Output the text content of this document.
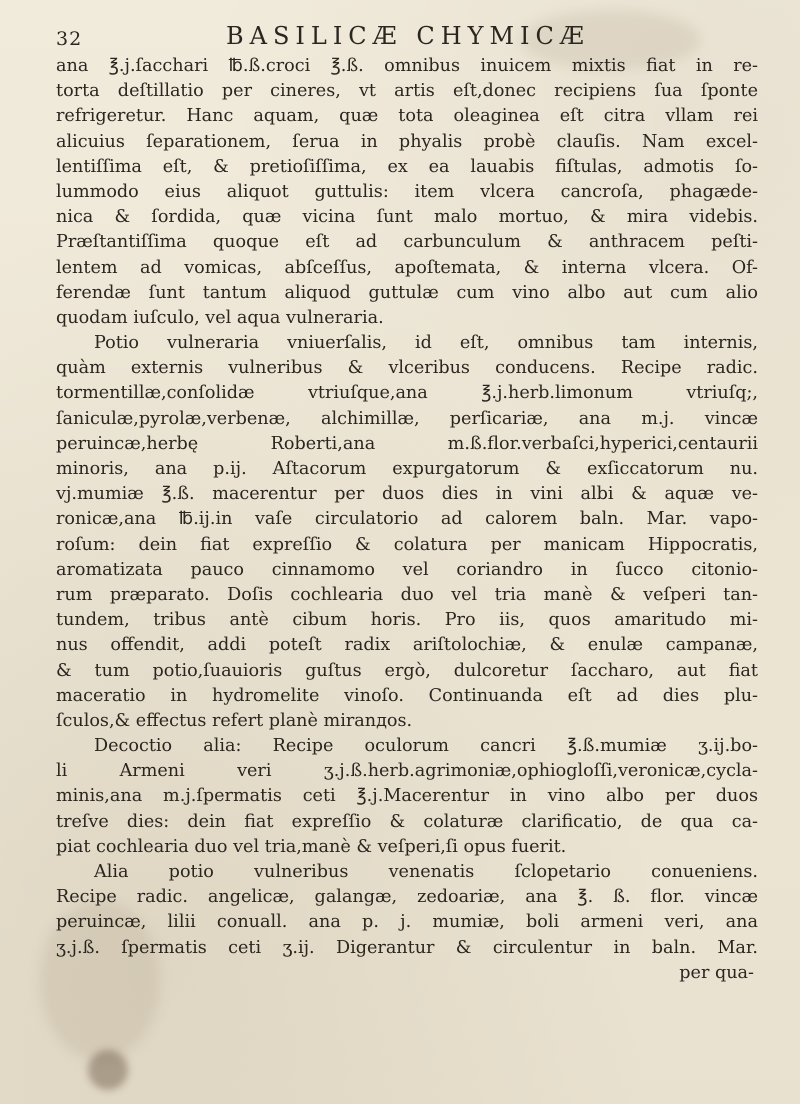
32	BASILICÆ CHYMICÆ
ana ℥.j.ſacchari ℔.ß.croci ℥.ß. omnibus inuicem mixtis fiat in re-
torta deſtillatio per cineres, vt artis eſt,donec recipiens ſua ſponte
refrigeretur. Hanc aquam, quæ tota oleaginea eſt citra vllam rei
alicuius ſeparationem, ſerua in phyalis probè clauſis. Nam excel-
lentiſſima eſt, & pretioſiſſima, ex ea lauabis fiſtulas, admotis ſo-
lummodo eius aliquot guttulis: item vlcera cancroſa, phagæde-
nica & ſordida, quæ vicina ſunt malo mortuo, & mira videbis.
Præſtantiſſima quoque eſt ad carbunculum & anthracem peſti-
lentem ad vomicas, abſceſſus, apoſtemata, & interna vlcera. Of-
ferendæ ſunt tantum aliquod guttulæ cum vino albo aut cum alio
quodam iuſculo, vel aqua vulneraria.
Potio vulneraria vniuerſalis, id eſt, omnibus tam internis,
quàm externis vulneribus & vlceribus conducens. Recipe radic.
tormentillæ,conſolidæ vtriuſque,ana ℥.j.herb.limonum vtriuſq;,
ſaniculæ,pyrolæ,verbenæ, alchimillæ, perſicariæ, ana m.j. vincæ
peruincæ,herbę Roberti,ana m.ß.flor.verbaſci,hyperici,centaurii
minoris, ana p.ij. Aſtacorum expurgatorum & exſiccatorum nu.
vj.mumiæ ℥.ß. macerentur per duos dies in vini albi & aquæ ve-
ronicæ,ana ℔.ij.in vaſe circulatorio ad calorem baln. Mar. vapo-
roſum: dein fiat expreſſio & colatura per manicam Hippocratis,
aromatizata pauco cinnamomo vel coriandro in ſucco citonio-
rum præparato. Doſis cochlearia duo vel tria manè & veſperi tan-
tundem, tribus antè cibum horis. Pro iis, quos amaritudo mi-
nus offendit, addi poteſt radix ariſtolochiæ, & enulæ campanæ,
& tum potio,ſuauioris guſtus ergò, dulcoretur ſaccharo, aut fiat
maceratio in hydromelite vinoſo. Continuanda eſt ad dies plu-
ſculos,& effectus refert planè miranдos.
Decoctio alia: Recipe oculorum cancri ℥.ß.mumiæ ʒ.ij.bo-
li Armeni veri ʒ.j.ß.herb.agrimoniæ,ophiogloſſi,veronicæ,cycla-
minis,ana m.j.ſpermatis ceti ℥.j.Macerentur in vino albo per duos
treſve dies: dein fiat expreſſio & colaturæ clarificatio, de qua ca-
piat cochlearia duo vel tria,manè & veſperi,ſi opus fuerit.
Alia potio vulneribus venenatis ſclopetario conueniens.
Recipe radic. angelicæ, galangæ, zedoariæ, ana ℥. ß. flor. vincæ
peruincæ, lilii conuall. ana p. j. mumiæ, boli armeni veri, ana
ʒ.j.ß. ſpermatis ceti ʒ.ij. Digerantur & circulentur in baln. Mar.
per qua-
